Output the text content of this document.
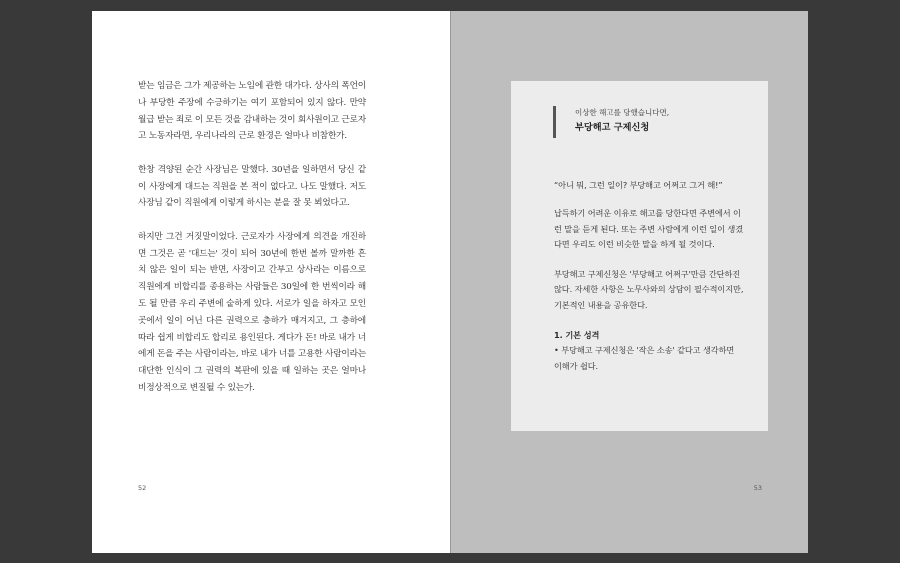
받는 임금은 그가 제공하는 노임에 관한 대가다. 상사의 폭언이나 부당한 주장에 수긍하기는 여기 포함되어 있지 않다. 만약 월급 받는 죄로 이 모든 것을 감내하는 것이 회사원이고 근로자고 노동자라면, 우리나라의 근로 환경은 얼마나 비참한가.

한창 격양된 순간 사장님은 말했다. 30년을 일하면서 당신 같이 사장에게 대드는 직원을 본 적이 없다고. 나도 말했다. 저도 사장님 같이 직원에게 이렇게 하시는 분을 잘 못 뵈었다고.

하지만 그건 거짓말이었다. 근로자가 사장에게 의견을 개진하면 그것은 곧 '대드는' 것이 되어 30년에 한번 볼까 말까한 흔치 않은 일이 되는 반면, 사장이고 간부고 상사라는 이름으로 직원에게 비합리를 종용하는 사람들은 30일에 한 번씩이라 해도 될 만큼 우리 주변에 숱하게 있다. 서로가 일을 하자고 모인 곳에서 일이 어닌 다른 권력으로 층하가 매겨지고, 그 층하에 따라 쉽게 비합리도 합리로 용인된다. 게다가 돈! 바로 내가 너에게 돈을 주는 사람이라는, 바로 내가 너를 고용한 사람이라는 대단한 인식이 그 권력의 복판에 있을 때 일하는 곳은 얼마나 비정상적으로 변질될 수 있는가.

52
이상한 해고를 당했습니다면,
부당해고 구제신청

“아니 뭐, 그런 일이? 부당해고 어쩌고 그거 해!”

납득하기 어려운 이유로 해고를 당한다면 주변에서 이런 말을 듣게 된다. 또는 주변 사람에게 이런 일이 생겼다면 우리도 이런 비슷한 말을 하게 될 것이다.

부당해고 구제신청은 '부당해고 어쩌구'만큼 간단하진 않다. 자세한 사항은 노무사와의 상담이 필수적이지만, 기본적인 내용을 공유한다.

1. 기본 성격

• 부당해고 구제신청은 '작은 소송' 같다고 생각하면 이해가 쉽다.

53
